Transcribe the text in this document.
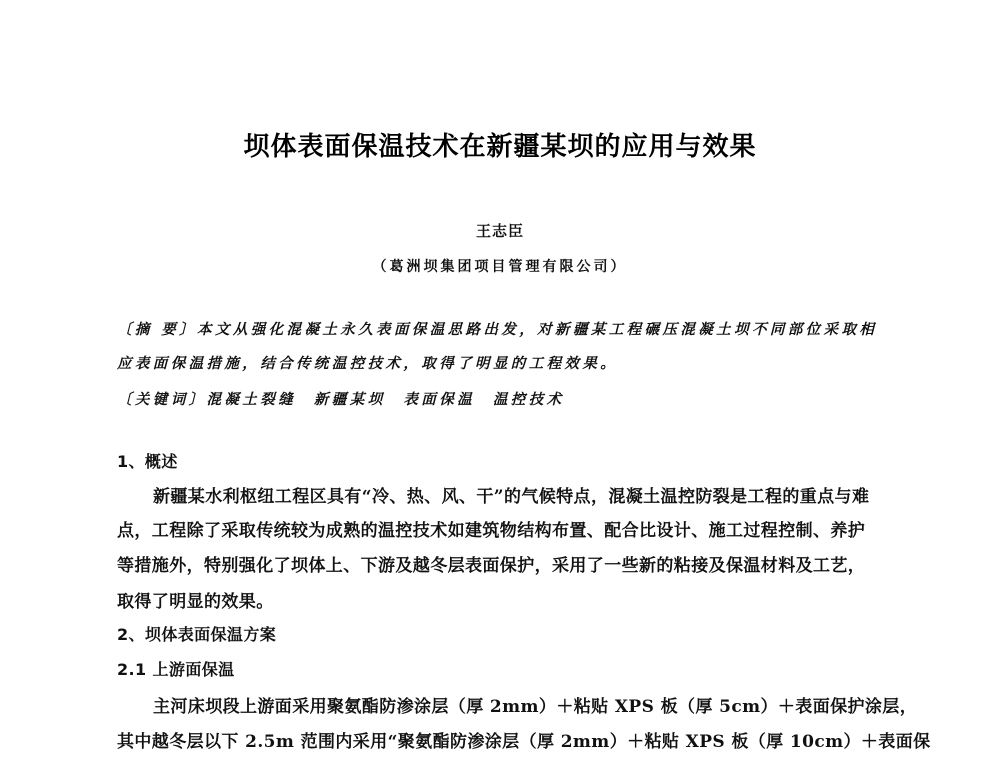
坝体表面保温技术在新疆某坝的应用与效果
王志臣
（葛洲坝集团项目管理有限公司）
〔摘 要〕本文从强化混凝土永久表面保温思路出发，对新疆某工程碾压混凝土坝不同部位采取相
应表面保温措施，结合传统温控技术，取得了明显的工程效果。
〔关键词〕混凝土裂缝　新疆某坝　表面保温　温控技术
1、概述
新疆某水利枢纽工程区具有“冷、热、风、干”的气候特点，混凝土温控防裂是工程的重点与难
点，工程除了采取传统较为成熟的温控技术如建筑物结构布置、配合比设计、施工过程控制、养护
等措施外，特别强化了坝体上、下游及越冬层表面保护，采用了一些新的粘接及保温材料及工艺，
取得了明显的效果。
2、坝体表面保温方案
2.1 上游面保温
主河床坝段上游面采用聚氨酯防渗涂层（厚 2mm）＋粘贴 XPS 板（厚 5cm）＋表面保护涂层，
其中越冬层以下 2.5m 范围内采用“聚氨酯防渗涂层（厚 2mm）＋粘贴 XPS 板（厚 10cm）＋表面保
